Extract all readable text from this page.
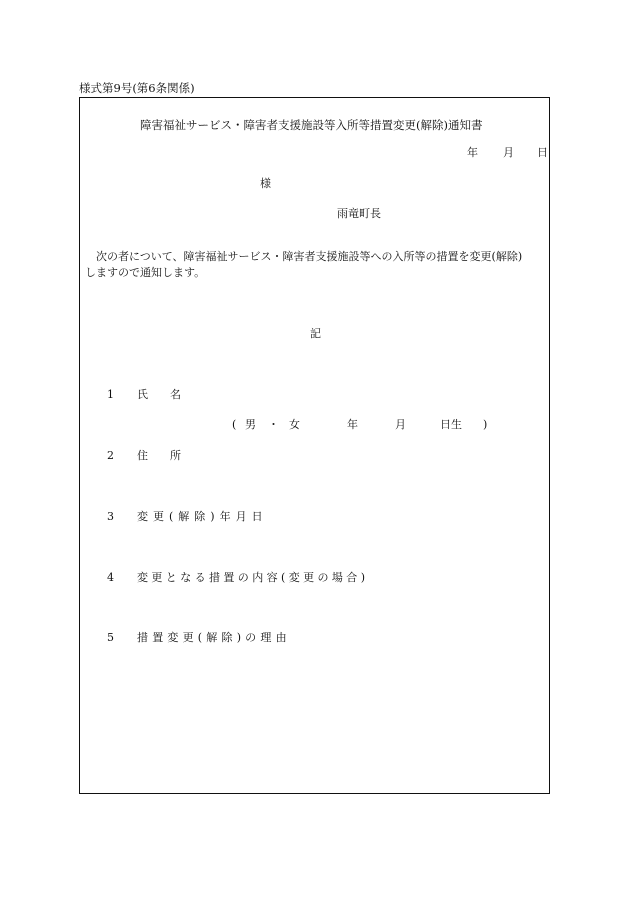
様式第9号(第6条関係)
障害福祉サービス・障害者支援施設等入所等措置変更(解除)通知書
年 月 日
様
雨竜町長
次の者について、障害福祉サービス・障害者支援施設等への入所等の措置を変更(解除)
しますので通知します。
記
1 氏名
( 男 ・ 女	年	月	日生 )
2 住所
3 変更(解除)年月日
4 変更となる措置の内容(変更の場合)
5 措置変更(解除)の理由
